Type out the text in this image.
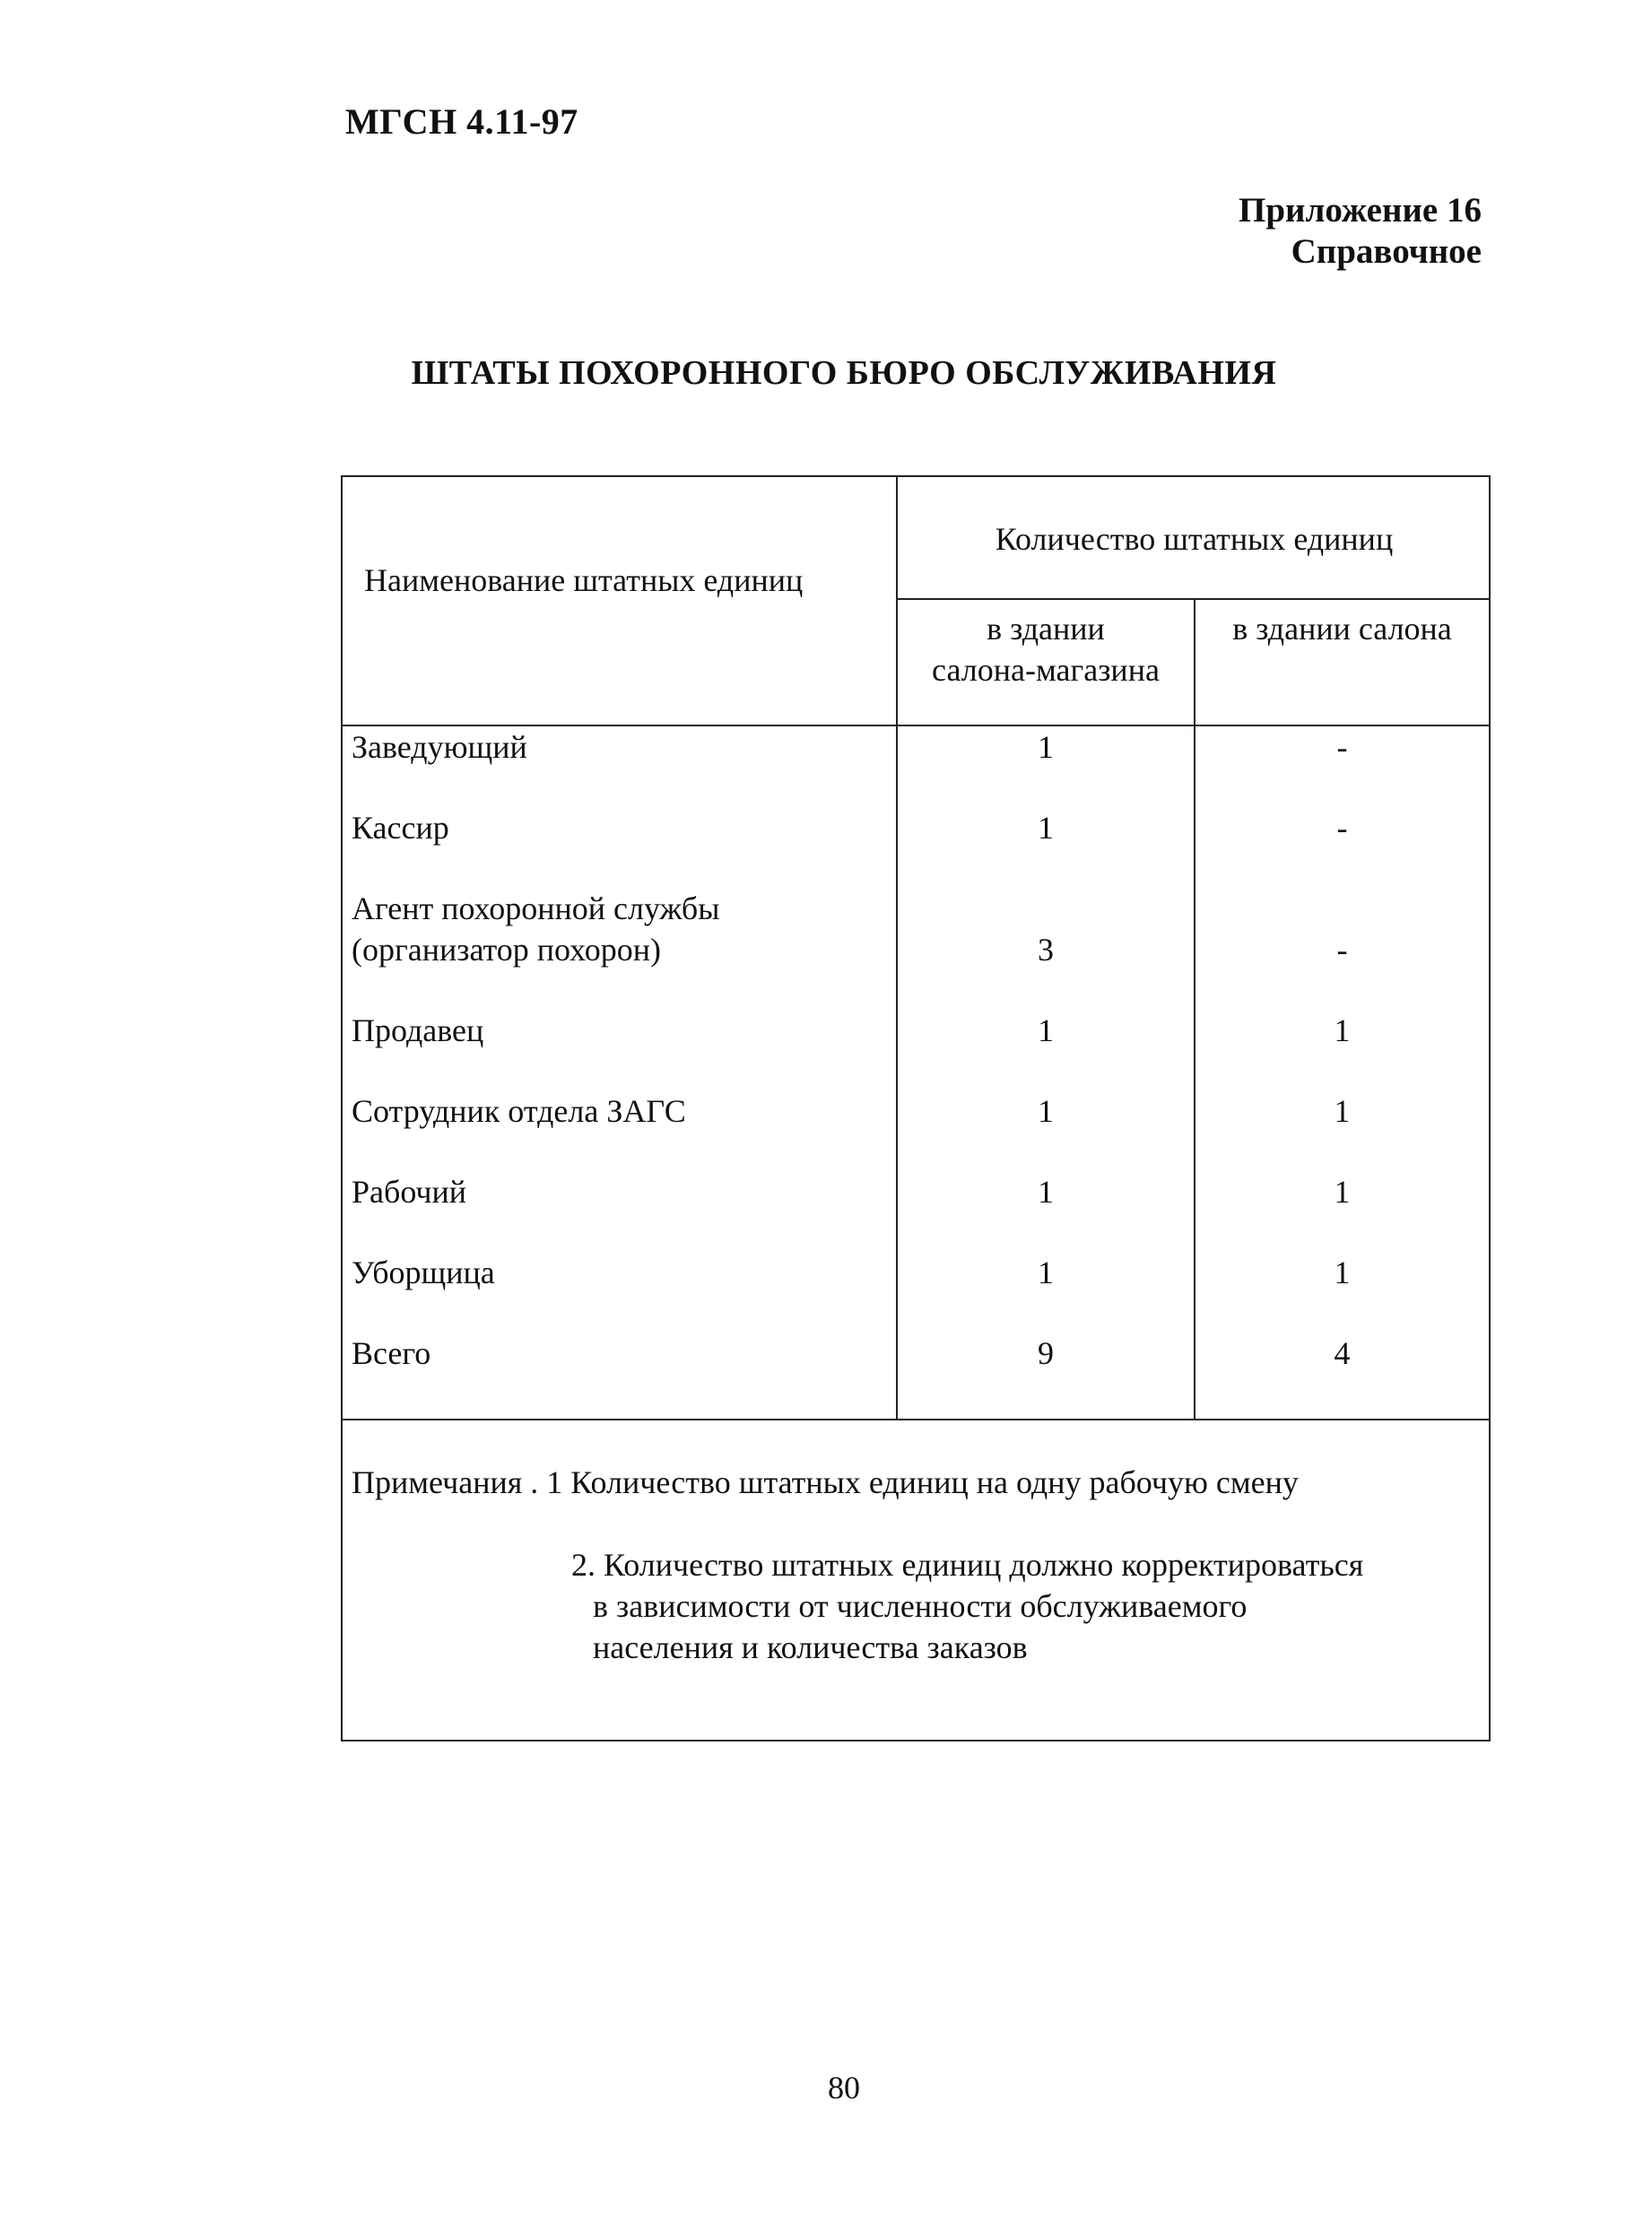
МГСН 4.11-97
Приложение 16
Справочное
ШТАТЫ ПОХОРОННОГО БЮРО ОБСЛУЖИВАНИЯ
Наименование штатных единиц
Количество штатных единиц
в здании
салона-магазина
в здании салона
Заведующий	1	-
Кассир	1	-
Агент похоронной службы
(организатор похорон)	3	-
Продавец	1	1
Сотрудник отдела ЗАГС	1	1
Рабочий	1	1
Уборщица	1	1
Всего	9	4
Примечания . 1 Количество штатных единиц на одну рабочую смену
2. Количество штатных единиц должно корректироваться
в зависимости от численности обслуживаемого
населения и количества заказов
80
